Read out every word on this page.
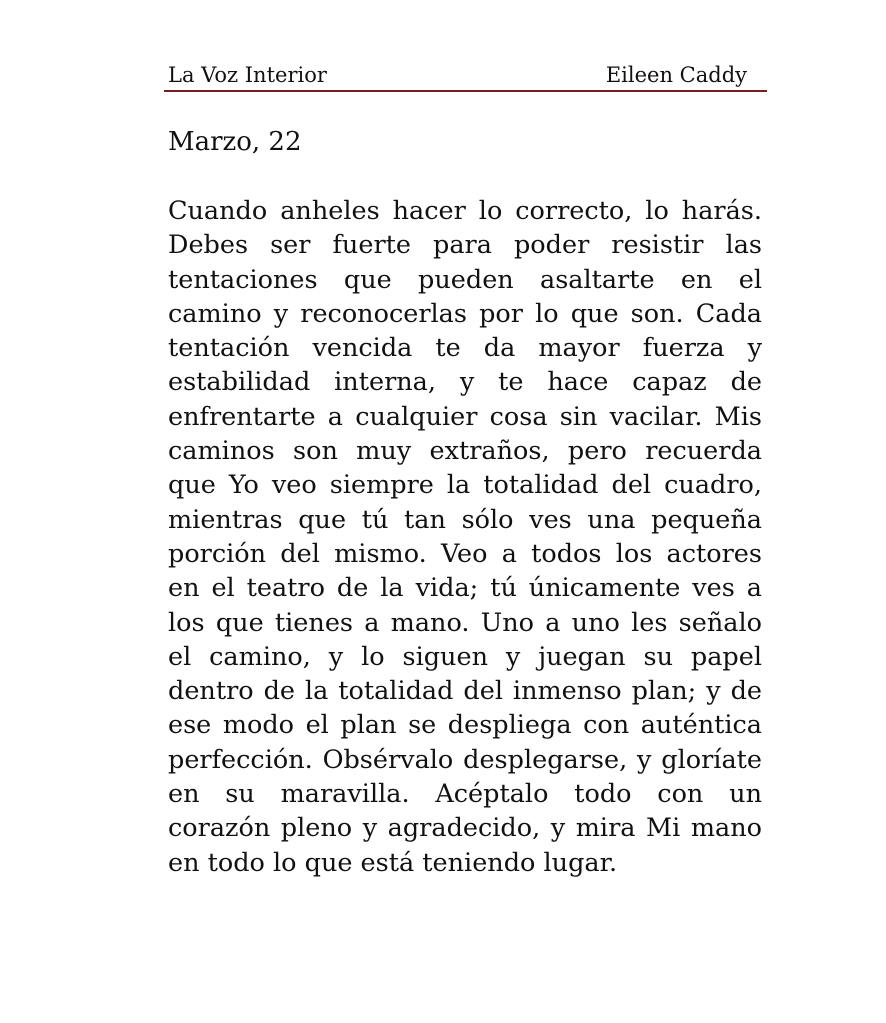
La Voz Interior	Eileen Caddy
Marzo, 22
Cuando anheles hacer lo correcto, lo harás.
Debes ser fuerte para poder resistir las
tentaciones que pueden asaltarte en el
camino y reconocerlas por lo que son. Cada
tentación vencida te da mayor fuerza y
estabilidad interna, y te hace capaz de
enfrentarte a cualquier cosa sin vacilar. Mis
caminos son muy extraños, pero recuerda
que Yo veo siempre la totalidad del cuadro,
mientras que tú tan sólo ves una pequeña
porción del mismo. Veo a todos los actores
en el teatro de la vida; tú únicamente ves a
los que tienes a mano. Uno a uno les señalo
el camino, y lo siguen y juegan su papel
dentro de la totalidad del inmenso plan; y de
ese modo el plan se despliega con auténtica
perfección. Obsérvalo desplegarse, y gloríate
en su maravilla. Acéptalo todo con un
corazón pleno y agradecido, y mira Mi mano
en todo lo que está teniendo lugar.
